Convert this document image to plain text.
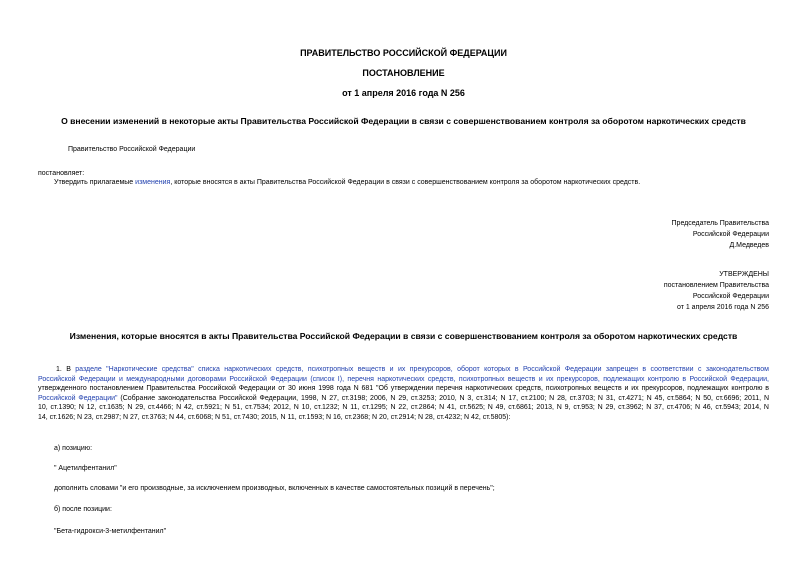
ПРАВИТЕЛЬСТВО РОССИЙСКОЙ ФЕДЕРАЦИИ
ПОСТАНОВЛЕНИЕ
от 1 апреля 2016 года N 256
О внесении изменений в некоторые акты Правительства Российской Федерации в связи с совершенствованием контроля за оборотом наркотических средств
Правительство Российской Федерации
постановляет:
Утвердить прилагаемые изменения, которые вносятся в акты Правительства Российской Федерации в связи с совершенствованием контроля за оборотом наркотических средств.
Председатель Правительства
Российской Федерации
Д.Медведев
УТВЕРЖДЕНЫ
постановлением Правительства
Российской Федерации
от 1 апреля 2016 года N 256
Изменения, которые вносятся в акты Правительства Российской Федерации в связи с совершенствованием контроля за оборотом наркотических средств
1. В разделе "Наркотические средства" списка наркотических средств, психотропных веществ и их прекурсоров, оборот которых в Российской Федерации запрещен в соответствии с законодательством
Российской Федерации и международными договорами Российской Федерации (список I), перечня наркотических средств, психотропных веществ и их прекурсоров, подлежащих контролю в Российской Федерации,
утвержденного постановлением Правительства Российской Федерации от 30 июня 1998 года N 681 "Об утверждении перечня наркотических средств, психотропных веществ и их прекурсоров, подлежащих контролю в
Российской Федерации" (Собрание законодательства Российской Федерации, 1998, N 27, ст.3198; 2006, N 29, ст.3253; 2010, N 3, ст.314; N 17, ст.2100; N 28, ст.3703; N 31, ст.4271; N 45, ст.5864; N 50, ст.6696; 2011, N
10, ст.1390; N 12, ст.1635; N 29, ст.4466; N 42, ст.5921; N 51, ст.7534; 2012, N 10, ст.1232; N 11, ст.1295; N 22, ст.2864; N 41, ст.5625; N 49, ст.6861; 2013, N 9, ст.953; N 29, ст.3962; N 37, ст.4706; N 46, ст.5943; 2014, N
14, ст.1626; N 23, ст.2987; N 27, ст.3763; N 44, ст.6068; N 51, ст.7430; 2015, N 11, ст.1593; N 16, ст.2368; N 20, ст.2914; N 28, ст.4232; N 42, ст.5805):
а) позицию:
" Ацетилфентанил"
дополнить словами "и его производные, за исключением производных, включенных в качестве самостоятельных позиций в перечень";
б) после позиции:
"Бета-гидрокси-3-метилфентанил"
